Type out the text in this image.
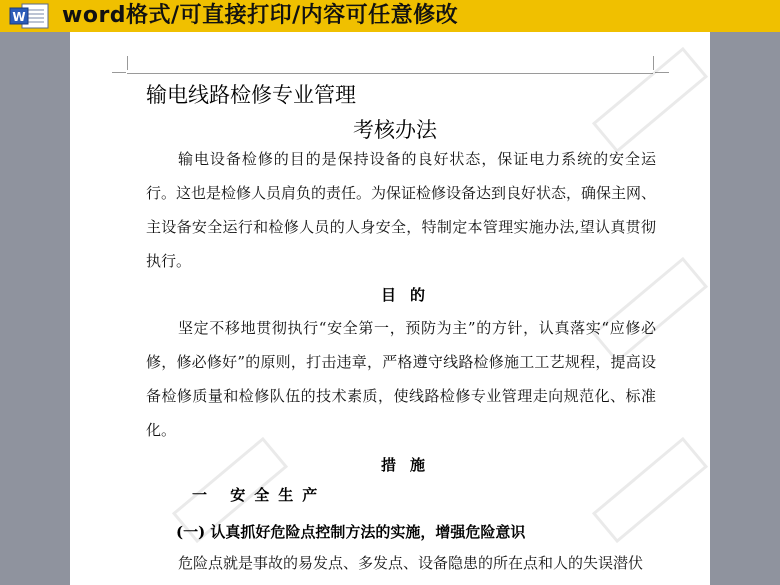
W word格式/可直接打印/内容可任意修改
输电线路检修专业管理
考核办法
输电设备检修的目的是保持设备的良好状态，保证电力系统的安全运行。这也是检修人员肩负的责任。为保证检修设备达到良好状态，确保主网、主设备安全运行和检修人员的人身安全，特制定本管理实施办法,望认真贯彻执行。
目的
坚定不移地贯彻执行“安全第一，预防为主”的方针，认真落实“应修必修，修必修好”的原则，打击违章，严格遵守线路检修施工工艺规程，提高设备检修质量和检修队伍的技术素质，使线路检修专业管理走向规范化、标准化。
措施
一 安全生产
(一) 认真抓好危险点控制方法的实施，增强危险意识
危险点就是事故的易发点、多发点、设备隐患的所在点和人的失误潜伏
